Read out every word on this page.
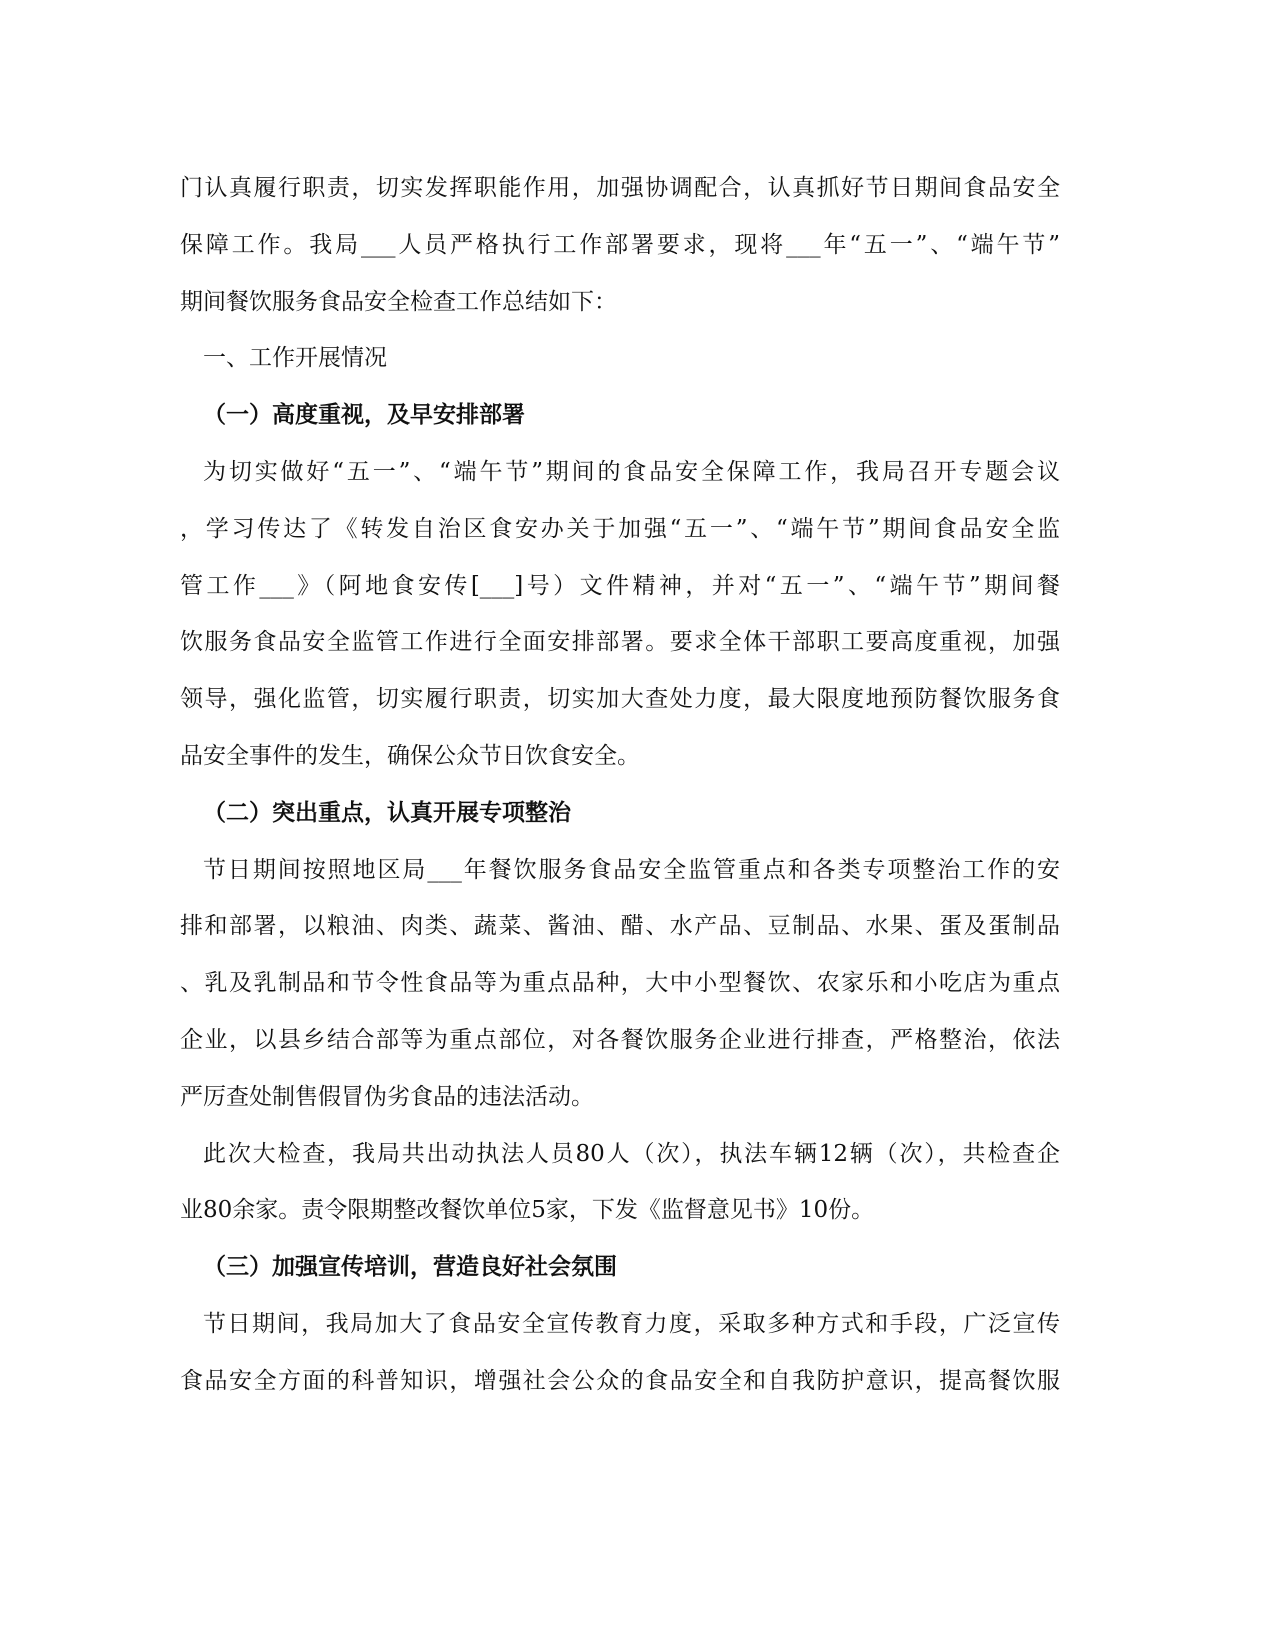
门认真履行职责，切实发挥职能作用，加强协调配合，认真抓好节日期间食品安全
保障工作。我局___人员严格执行工作部署要求，现将___年“五一”、“端午节”
期间餐饮服务食品安全检查工作总结如下：
一、工作开展情况
（一）高度重视，及早安排部署
为切实做好“五一”、“端午节”期间的食品安全保障工作，我局召开专题会议
，学习传达了《转发自治区食安办关于加强“五一”、“端午节”期间食品安全监
管工作___》（阿地食安传[___]号）文件精神，并对“五一”、“端午节”期间餐
饮服务食品安全监管工作进行全面安排部署。要求全体干部职工要高度重视，加强
领导，强化监管，切实履行职责，切实加大查处力度，最大限度地预防餐饮服务食
品安全事件的发生，确保公众节日饮食安全。
（二）突出重点，认真开展专项整治
节日期间按照地区局___年餐饮服务食品安全监管重点和各类专项整治工作的安
排和部署，以粮油、肉类、蔬菜、酱油、醋、水产品、豆制品、水果、蛋及蛋制品
、乳及乳制品和节令性食品等为重点品种，大中小型餐饮、农家乐和小吃店为重点
企业，以县乡结合部等为重点部位，对各餐饮服务企业进行排查，严格整治，依法
严厉查处制售假冒伪劣食品的违法活动。
此次大检查，我局共出动执法人员80人（次），执法车辆12辆（次），共检查企
业80余家。责令限期整改餐饮单位5家，下发《监督意见书》10份。
（三）加强宣传培训，营造良好社会氛围
节日期间，我局加大了食品安全宣传教育力度，采取多种方式和手段，广泛宣传
食品安全方面的科普知识，增强社会公众的食品安全和自我防护意识，提高餐饮服
